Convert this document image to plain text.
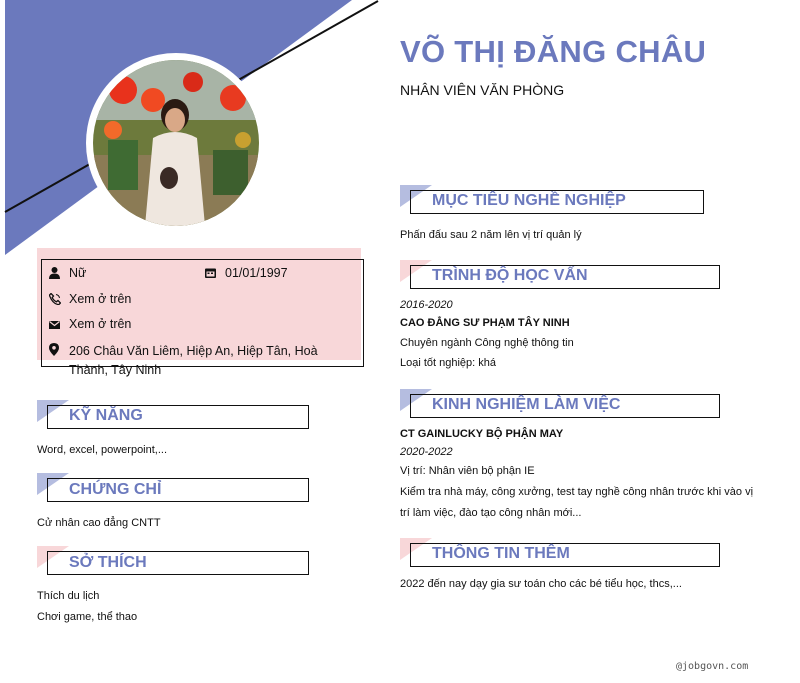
VÕ THỊ ĐĂNG CHÂU
NHÂN VIÊN VĂN PHÒNG
Nữ	01/01/1997
Xem ở trên
Xem ở trên
206 Châu Văn Liêm, Hiệp An, Hiệp Tân, Hoà Thành, Tây Ninh
KỸ NĂNG
Word, excel, powerpoint,...
CHỨNG CHỈ
Cử nhân cao đẳng CNTT
SỞ THÍCH
Thích du lịch
Chơi game, thể thao
MỤC TIÊU NGHỀ NGHIỆP
Phấn đấu sau 2 năm lên vị trí quản lý
TRÌNH ĐỘ HỌC VẤN
2016-2020
CAO ĐẲNG SƯ PHẠM TÂY NINH
Chuyên ngành Công nghệ thông tin
Loại tốt nghiệp: khá
KINH NGHIỆM LÀM VIỆC
CT GAINLUCKY BỘ PHẬN MAY
2020-2022
Vị trí: Nhân viên bộ phận IE
Kiểm tra nhà máy, công xưởng, test tay nghề công nhân trước khi vào vị
trí làm việc, đào tạo công nhân mới...
THÔNG TIN THÊM
2022 đến nay dạy gia sư toán cho các bé tiểu học, thcs,...
@jobgovn.com
